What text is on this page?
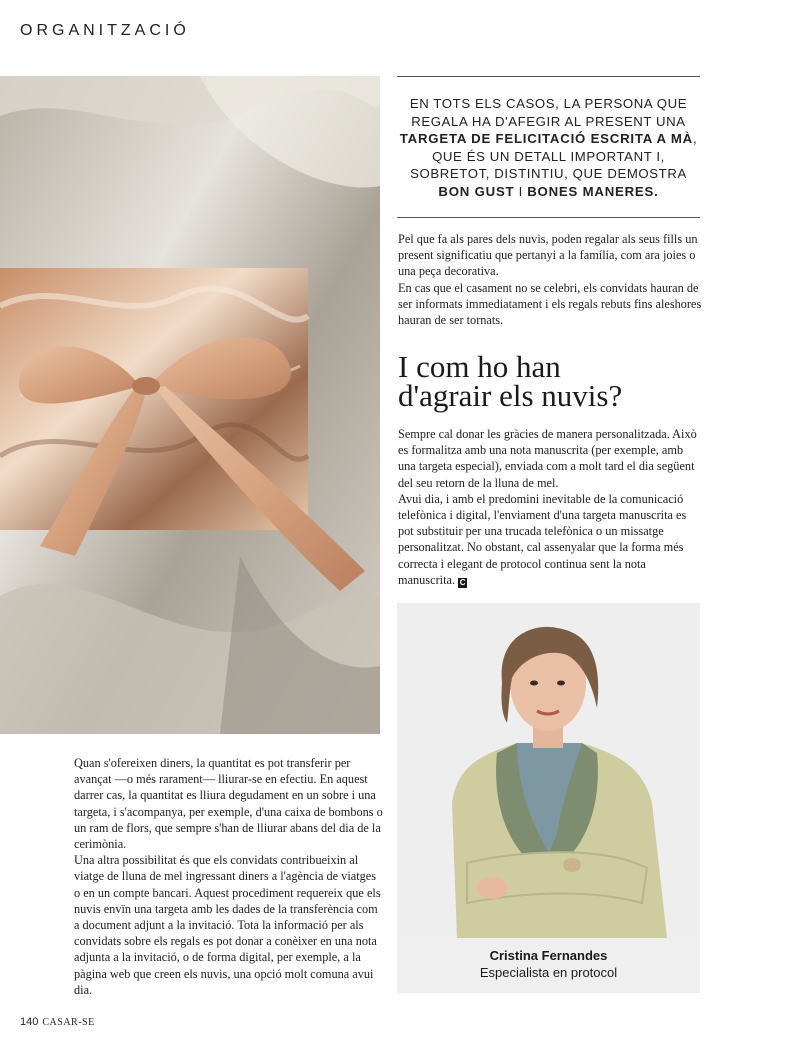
ORGANITZACIÓ
EN TOTS ELS CASOS, LA PERSONA QUE REGALA HA D'AFEGIR AL PRESENT UNA TARGETA DE FELICITACIÓ ESCRITA A MÀ, QUE ÉS UN DETALL IMPORTANT I, SOBRETOT, DISTINTIU, QUE DEMOSTRA BON GUST I BONES MANERES.

Pel que fa als pares dels nuvis, poden regalar als seus fills un present significatiu que pertanyi a la família, com ara joies o una peça decorativa.

En cas que el casament no se celebri, els convidats hauran de ser informats immediatament i els regals rebuts fins aleshores hauran de ser tornats.

I com ho han
d'agrair els nuvis?

Sempre cal donar les gràcies de manera personalitzada. Això es formalitza amb una nota manuscrita (per exemple, amb una targeta especial), enviada com a molt tard el dia següent del seu retorn de la lluna de mel.

Avui dia, i amb el predomini inevitable de la comunicació telefònica i digital, l'enviament d'una targeta manuscrita es pot substituir per una trucada telefònica o un missatge personalitzat. No obstant, cal assenyalar que la forma més correcta i elegant de protocol continua sent la nota manuscrita. C

Quan s'ofereixen diners, la quantitat es pot transferir per avançat —o més rarament— lliurar-se en efectiu. En aquest darrer cas, la quantitat es lliura degudament en un sobre i una targeta, i s'acompanya, per exemple, d'una caixa de bombons o un ram de flors, que sempre s'han de lliurar abans del dia de la cerimònia.

Una altra possibilitat és que els convidats contribueixin al viatge de lluna de mel ingressant diners a l'agència de viatges o en un compte bancari. Aquest procediment requereix que els nuvis envïn una targeta amb les dades de la transferència com a document adjunt a la invitació. Tota la informació per als convidats sobre els regals es pot donar a conèixer en una nota adjunta a la invitació, o de forma digital, per exemple, a la pàgina web que creen els nuvis, una opció molt comuna avui dia.

Cristina Fernandes
Especialista en protocol
140 CASAR-SE
